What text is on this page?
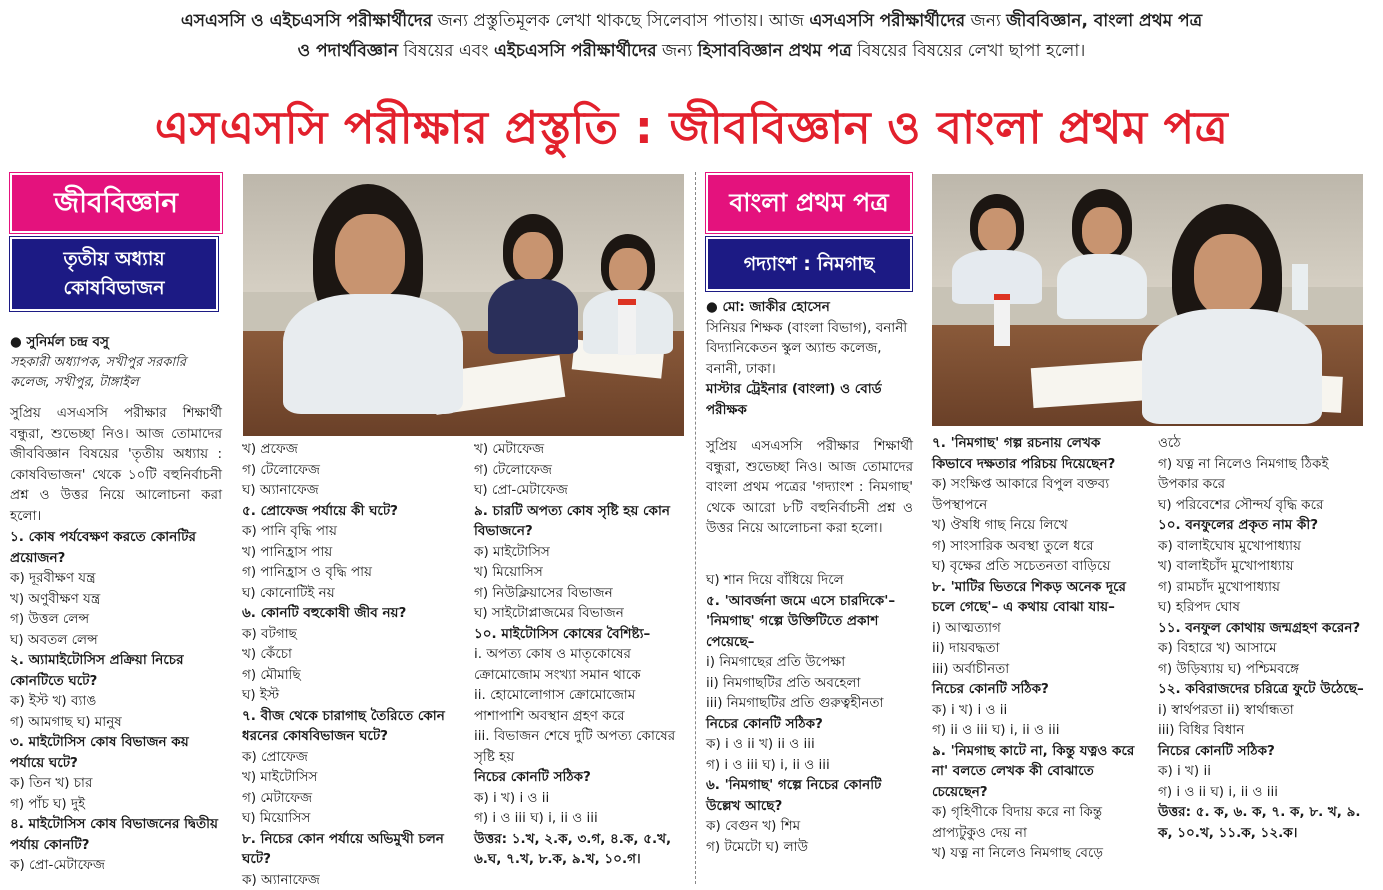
এসএসসি ও এইচএসসি পরীক্ষার্থীদের জন্য প্রস্তুতিমূলক লেখা থাকছে সিলেবাস পাতায়। আজ এসএসসি পরীক্ষার্থীদের জন্য জীববিজ্ঞান, বাংলা প্রথম পত্র
ও পদার্থবিজ্ঞান বিষয়ের এবং এইচএসসি পরীক্ষার্থীদের জন্য হিসাববিজ্ঞান প্রথম পত্র বিষয়ের বিষয়ের লেখা ছাপা হলো।
এসএসসি পরীক্ষার প্রস্তুতি : জীববিজ্ঞান ও বাংলা প্রথম পত্র
জীববিজ্ঞান
তৃতীয় অধ্যায়
কোষবিভাজন

● সুনির্মল চন্দ্র বসু

সহকারী অধ্যাপক, সখীপুর সরকারি কলেজ, সখীপুর, টাঙ্গাইল

সুপ্রিয় এসএসসি পরীক্ষার শিক্ষার্থী বন্ধুরা, শুভেচ্ছা নিও। আজ তোমাদের জীববিজ্ঞান বিষয়ের 'তৃতীয় অধ্যায় : কোষবিভাজন' থেকে ১০টি বহুনির্বাচনী প্রশ্ন ও উত্তর নিয়ে আলোচনা করা হলো।

১. কোষ পর্যবেক্ষণ করতে কোনটির প্রয়োজন?

ক) দূরবীক্ষণ যন্ত্র

খ) অণুবীক্ষণ যন্ত্র

গ) উত্তল লেন্স

ঘ) অবতল লেন্স

২. অ্যামাইটোসিস প্রক্রিয়া নিচের কোনটিতে ঘটে?

ক) ইস্ট খ) ব্যাঙ

গ) আমগাছ ঘ) মানুষ

৩. মাইটোসিস কোষ বিভাজন কয় পর্যায়ে ঘটে?

ক) তিন খ) চার

গ) পাঁচ ঘ) দুই

৪. মাইটোসিস কোষ বিভাজনের দ্বিতীয় পর্যায় কোনটি?

ক) প্রো-মেটাফেজ

খ) প্রফেজ

গ) টেলোফেজ

ঘ) অ্যানাফেজ

৫. প্রোফেজ পর্যায়ে কী ঘটে?

ক) পানি বৃদ্ধি পায়

খ) পানিহ্রাস পায়

গ) পানিহ্রাস ও বৃদ্ধি পায়

ঘ) কোনোটিই নয়

৬. কোনটি বহুকোষী জীব নয়?

ক) বটগাছ

খ) কেঁচো

গ) মৌমাছি

ঘ) ইস্ট

৭. বীজ থেকে চারাগাছ তৈরিতে কোন ধরনের কোষবিভাজন ঘটে?

ক) প্রোফেজ

খ) মাইটোসিস

গ) মেটাফেজ

ঘ) মিয়োসিস

৮. নিচের কোন পর্যায়ে অভিমুখী চলন ঘটে?

ক) অ্যানাফেজ

খ) মেটাফেজ

গ) টেলোফেজ

ঘ) প্রো-মেটাফেজ

৯. চারটি অপত্য কোষ সৃষ্টি হয় কোন বিভাজনে?

ক) মাইটোসিস

খ) মিয়োসিস

গ) নিউক্লিয়াসের বিভাজন

ঘ) সাইটোপ্লাজমের বিভাজন

১০. মাইটোসিস কোষের বৈশিষ্ট্য–

i. অপত্য কোষ ও মাতৃকোষের ক্রোমোজোম সংখ্যা সমান থাকে

ii. হোমোলোগাস ক্রোমোজোম পাশাপাশি অবস্থান গ্রহণ করে

iii. বিভাজন শেষে দুটি অপত্য কোষের সৃষ্টি হয়

নিচের কোনটি সঠিক?

ক) i খ) i ও ii

গ) i ও iii ঘ) i, ii ও iii

উত্তর: ১.খ, ২.ক, ৩.গ, ৪.ক, ৫.খ, ৬.ঘ, ৭.খ, ৮.ক, ৯.খ, ১০.গ।

বাংলা প্রথম পত্র
গদ্যাংশ : নিমগাছ

● মো: জাকীর হোসেন

সিনিয়র শিক্ষক (বাংলা বিভাগ), বনানী বিদ্যানিকেতন স্কুল অ্যান্ড কলেজ, বনানী, ঢাকা।

মাস্টার ট্রেইনার (বাংলা) ও বোর্ড পরীক্ষক

সুপ্রিয় এসএসসি পরীক্ষার শিক্ষার্থী বন্ধুরা, শুভেচ্ছা নিও। আজ তোমাদের বাংলা প্রথম পত্রের 'গদ্যাংশ : নিমগাছ' থেকে আরো ৮টি বহুনির্বাচনী প্রশ্ন ও উত্তর নিয়ে আলোচনা করা হলো।

ঘ) শান দিয়ে বাঁধিয়ে দিলে

৫. 'আবর্জনা জমে এসে চারদিকে'– 'নিমগাছ' গল্পে উক্তিটিতে প্রকাশ পেয়েছে–

i) নিমগাছের প্রতি উপেক্ষা

ii) নিমগাছটির প্রতি অবহেলা

iii) নিমগাছটির প্রতি গুরুত্বহীনতা

নিচের কোনটি সঠিক?

ক) i ও ii খ) ii ও iii

গ) i ও iii ঘ) i, ii ও iii

৬. 'নিমগাছ' গল্পে নিচের কোনটি উল্লেখ আছে?

ক) বেগুন খ) শিম

গ) টমেটো ঘ) লাউ

৭. 'নিমগাছ' গল্প রচনায় লেখক কিভাবে দক্ষতার পরিচয় দিয়েছেন?

ক) সংক্ষিপ্ত আকারে বিপুল বক্তব্য উপস্থাপনে

খ) ঔষধি গাছ নিয়ে লিখে

গ) সাংসারিক অবস্থা তুলে ধরে

ঘ) বৃক্ষের প্রতি সচেতনতা বাড়িয়ে

৮. 'মাটির ভিতরে শিকড় অনেক দূরে চলে গেছে'– এ কথায় বোঝা যায়–

i) আত্মত্যাগ

ii) দায়বদ্ধতা

iii) অর্বাচীনতা

নিচের কোনটি সঠিক?

ক) i খ) i ও ii

গ) ii ও iii ঘ) i, ii ও iii

৯. 'নিমগাছ কাটে না, কিন্তু যত্নও করে না' বলতে লেখক কী বোঝাতে চেয়েছেন?

ক) গৃহিণীকে বিদায় করে না কিন্তু প্রাপ্যটুকুও দেয় না

খ) যত্ন না নিলেও নিমগাছ বেড়ে

ওঠে

গ) যত্ন না নিলেও নিমগাছ ঠিকই উপকার করে

ঘ) পরিবেশের সৌন্দর্য বৃদ্ধি করে

১০. বনফুলের প্রকৃত নাম কী?

ক) বালাইঘোষ মুখোপাধ্যায়

খ) বালাইচাঁদ মুখোপাধ্যায়

গ) রামচাঁদ মুখোপাধ্যায়

ঘ) হরিপদ ঘোষ

১১. বনফুল কোথায় জন্মগ্রহণ করেন?

ক) বিহারে খ) আসামে

গ) উড়িষ্যায় ঘ) পশ্চিমবঙ্গে

১২. কবিরাজদের চরিত্রে ফুটে উঠেছে–

i) স্বার্থপরতা ii) স্বার্থান্ধতা

iii) বিধির বিধান

নিচের কোনটি সঠিক?

ক) i খ) ii

গ) i ও ii ঘ) i, ii ও iii

উত্তর: ৫. ক, ৬. ক, ৭. ক, ৮. খ, ৯. ক, ১০.খ, ১১.ক, ১২.ক।
